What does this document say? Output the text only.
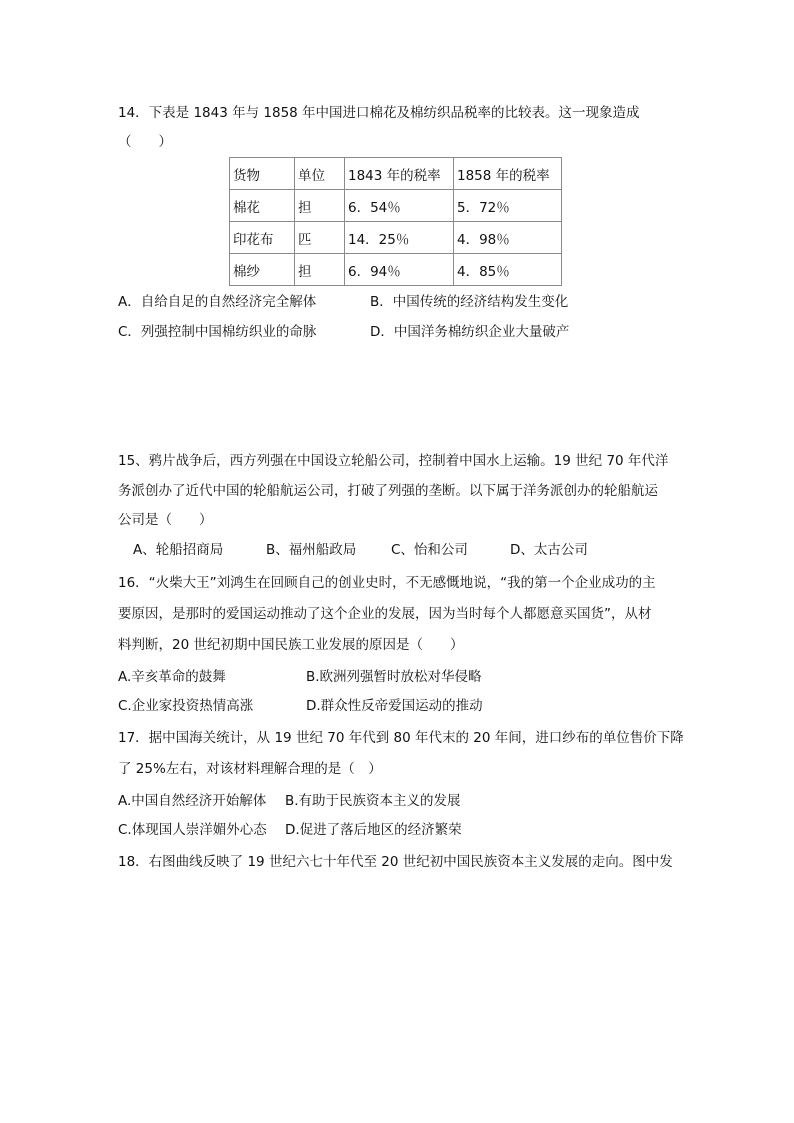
14．下表是 1843 年与 1858 年中国进口棉花及棉纺织品税率的比较表。这一现象造成
（　　）
货物	单位	1843 年的税率	1858 年的税率
棉花	担	6．54％	5．72％
印花布	匹	14．25％	4．98％
棉纱	担	6．94％	4．85％
A．自给自足的自然经济完全解体	B．中国传统的经济结构发生变化
C．列强控制中国棉纺织业的命脉	D．中国洋务棉纺织企业大量破产
15、鸦片战争后，西方列强在中国设立轮船公司，控制着中国水上运输。19 世纪 70 年代洋
务派创办了近代中国的轮船航运公司，打破了列强的垄断。以下属于洋务派创办的轮船航运
公司是（　　）
A、轮船招商局	B、福州船政局	C、怡和公司	D、太古公司
16．“火柴大王”刘鸿生在回顾自己的创业史时，不无感慨地说，“我的第一个企业成功的主
要原因，是那时的爱国运动推动了这个企业的发展，因为当时每个人都愿意买国货”，从材
料判断，20 世纪初期中国民族工业发展的原因是（　　）
A.辛亥革命的鼓舞	B.欧洲列强暂时放松对华侵略
C.企业家投资热情高涨	D.群众性反帝爱国运动的推动
17．据中国海关统计，从 19 世纪 70 年代到 80 年代末的 20 年间，进口纱布的单位售价下降
了 25%左右，对该材料理解合理的是（　）
A.中国自然经济开始解体 B.有助于民族资本主义的发展
C.体现国人崇洋媚外心态 D.促进了落后地区的经济繁荣
18．右图曲线反映了 19 世纪六七十年代至 20 世纪初中国民族资本主义发展的走向。图中发
